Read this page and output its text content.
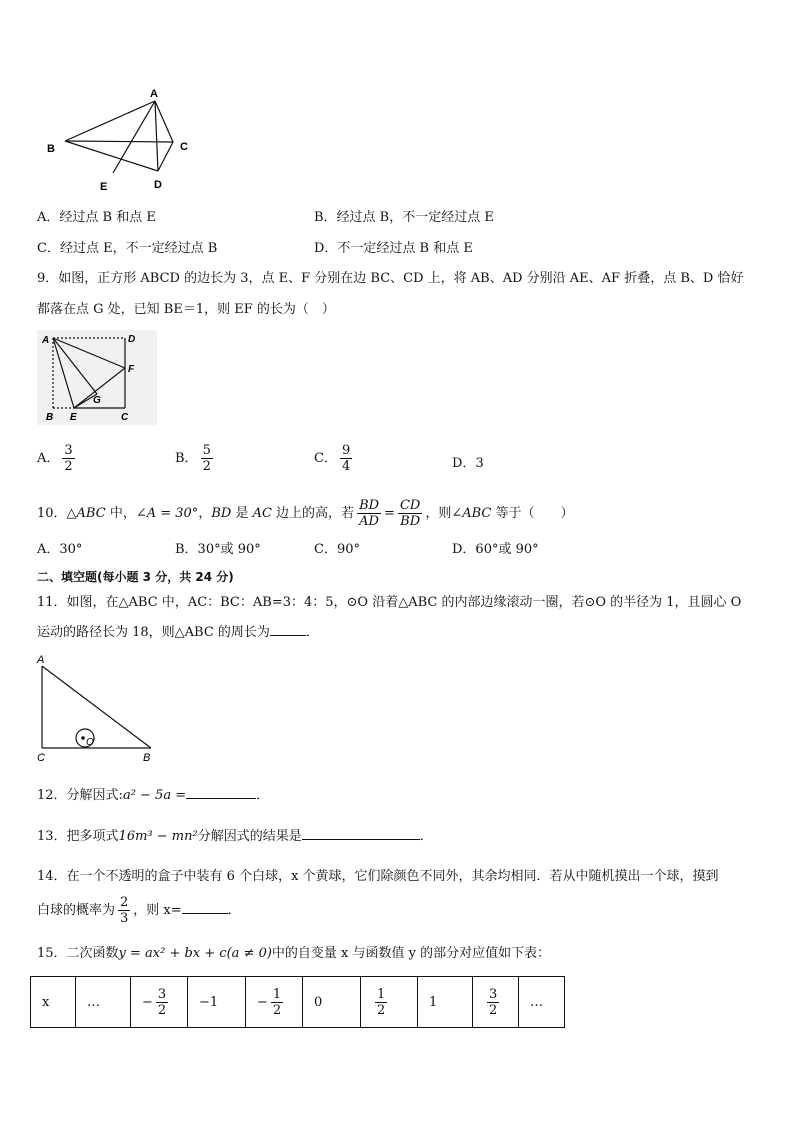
A
B	C
D
E
A．经过点 B 和点 E	B．经过点 B，不一定经过点 E
C．经过点 E，不一定经过点 B	D．不一定经过点 B 和点 E
9．如图，正方形 ABCD 的边长为 3，点 E、F 分别在边 BC、CD 上，将 AB、AD 分别沿 AE、AF 折叠，点 B、D 恰好
都落在点 G 处，已知 BE＝1，则 EF 的长为（　）
A	D
F
G
B E	C
A． $\frac{3}{2}$	B． $\frac{5}{2}$	C． $\frac{9}{4}$	D．3
10．△ABC 中，∠A = 30°，BD 是 AC 边上的高，若 $\frac{BD}{AD} = \frac{CD}{BD}$ ，则∠ABC 等于（　　）
A．30°	B．30°或 90°	C．90°	D．60°或 90°
二、填空题(每小题 3 分，共 24 分)
11．如图，在△ABC 中，AC：BC：AB=3：4：5，⊙O 沿着△ABC 的内部边缘滚动一圈，若⊙O 的半径为 1，且圆心 O
运动的路径长为 18，则△ABC 的周长为	．
A
C	B
O
12．分解因式:a² − 5a =	．
13．把多项式16m³ − mn²分解因式的结果是	．
14．在一个不透明的盒子中装有 6 个白球，x 个黄球，它们除颜色不同外，其余均相同．若从中随机摸出一个球，摸到
白球的概率为 $\frac{2}{3}$ ，则 x=	．
15．二次函数y = ax² + bx + c(a ≠ 0)中的自变量 x 与函数值 y 的部分对应值如下表：
x	…	− $\frac{3}{2}$	−1	− $\frac{1}{2}$	0	$\frac{1}{2}$	1	$\frac{3}{2}$	…
